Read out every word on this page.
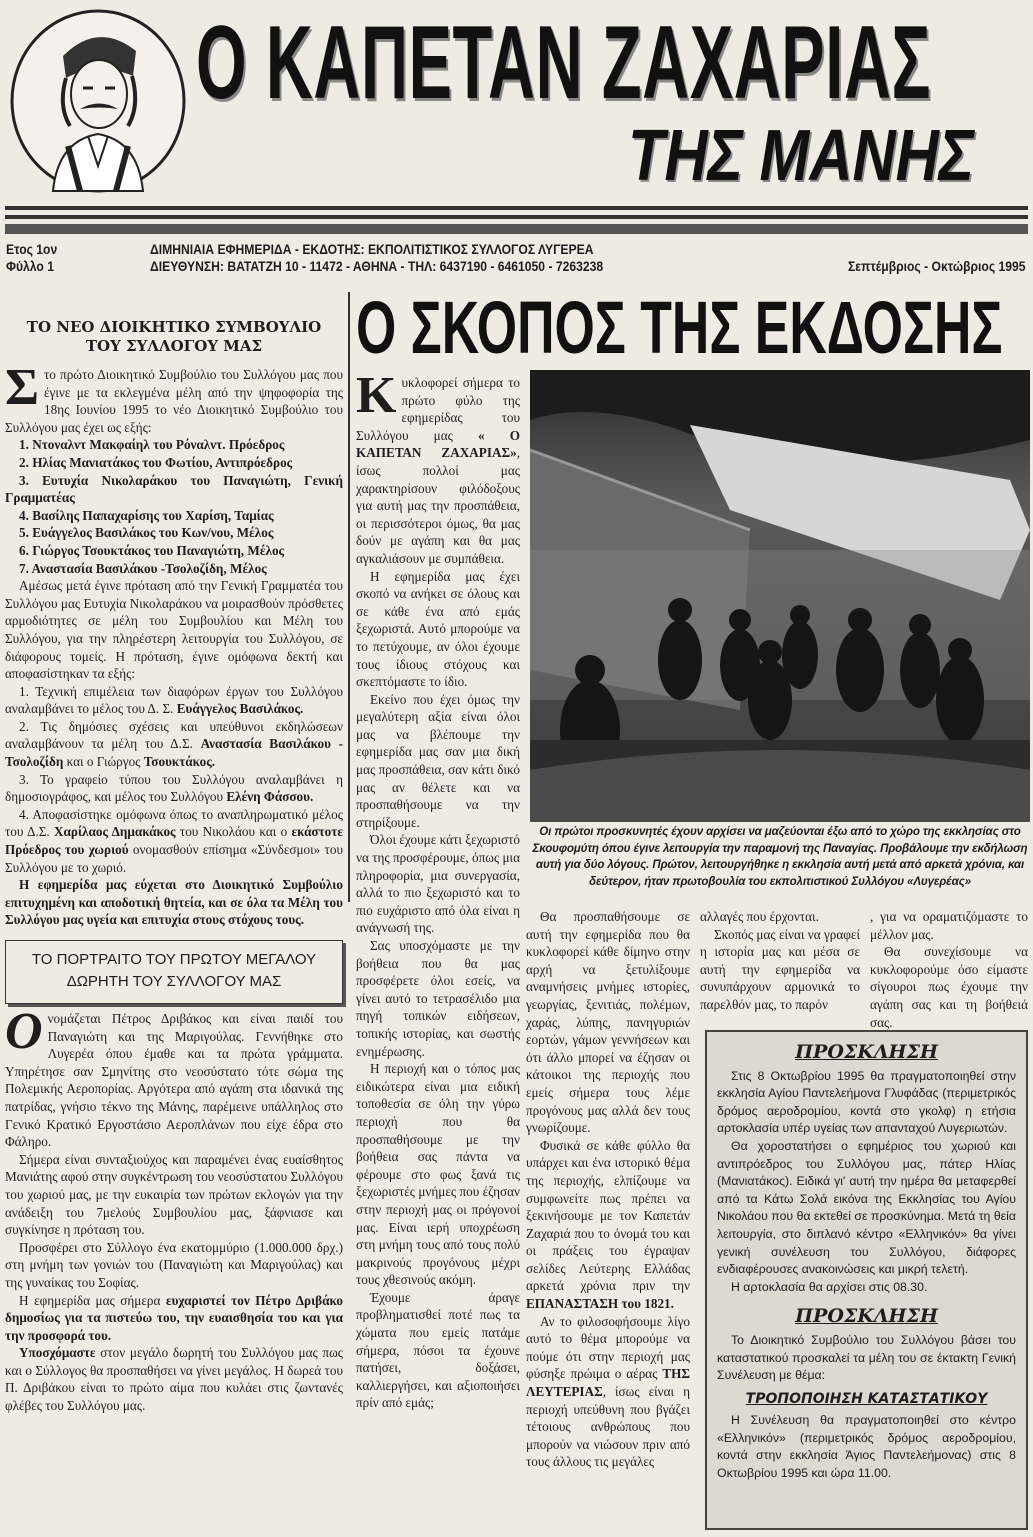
Ο ΚΑΠΕΤΑΝ ΖΑΧΑΡΙΑΣ
ΤΗΣ ΜΑΝΗΣ
Ετος 1ον
Φύλλο 1
ΔΙΜΗΝΙΑΙΑ ΕΦΗΜΕΡΙΔΑ - ΕΚΔΟΤΗΣ: ΕΚΠΟΛΙΤΙΣΤΙΚΟΣ ΣΥΛΛΟΓΟΣ ΛΥΓΕΡΕΑ
ΔΙΕΥΘΥΝΣΗ: ΒΑΤΑΤΖΗ 10 - 11472 - ΑΘΗΝΑ - ΤΗΛ: 6437190 - 6461050 - 7263238	Σεπτέμβριος - Οκτώβριος 1995
ΤΟ ΝΕΟ ΔΙΟΙΚΗΤΙΚΟ ΣΥΜΒΟΥΛΙΟ
ΤΟΥ ΣΥΛΛΟΓΟΥ ΜΑΣ

Στο πρώτο Διοικητικό Συμβούλιο του Συλλόγου μας που έγινε με τα εκλεγμένα μέλη από την ψηφοφορία της 18ης Ιουνίου 1995 το νέο Διοικητικό Συμβούλιο του Συλλόγου μας έχει ως εξής:

1. Ντοναλντ Μακφαίηλ του Ρόναλντ. Πρόεδρος

2. Ηλίας Μανιατάκος του Φωτίου, Αντιπρόεδρος

3. Ευτυχία Νικολαράκου του Παναγιώτη, Γενική Γραμματέας

4. Βασίλης Παπαχαρίσης του Χαρίση, Ταμίας

5. Ευάγγελος Βασιλάκος του Κων/νου, Μέλος

6. Γιώργος Τσουκτάκος του Παναγιώτη, Μέλος

7. Αναστασία Βασιλάκου -Τσολοζίδη, Μέλος

Αμέσως μετά έγινε πρόταση από την Γενική Γραμματέα του Συλλόγου μας Ευτυχία Νικολαράκου να μοιρασθούν πρόσθετες αρμοδιότητες σε μέλη του Συμβουλίου και Μέλη του Συλλόγου, για την πληρέστερη λειτουργία του Συλλόγου, σε διάφορους τομείς. Η πρόταση, έγινε ομόφωνα δεκτή και αποφασίστηκαν τα εξής:

1. Τεχνική επιμέλεια των διαφόρων έργων του Συλλόγου αναλαμβάνει το μέλος του Δ. Σ. Ευάγγελος Βασιλάκος.

2. Τις δημόσιες σχέσεις και υπεύθυνοι εκδηλώσεων αναλαμβάνουν τα μέλη του Δ.Σ. Αναστασία Βασιλάκου - Τσολοζίδη και ο Γιώργος Τσουκτάκος.

3. Το γραφείο τύπου του Συλλόγου αναλαμβάνει η δημοσιογράφος, και μέλος του Συλλόγου Ελένη Φάσσου.

4. Αποφασίστηκε ομόφωνα όπως το αναπληρωματικό μέλος του Δ.Σ. Χαρίλαος Δημακάκος του Νικολάου και ο εκάστοτε Πρόεδρος του χωριού ονομασθούν επίσημα «Σύνδεσμοι» του Συλλόγου με το χωριό.

Η εφημερίδα μας εύχεται στο Διοικητικό Συμβούλιο επιτυχημένη και αποδοτική θητεία, και σε όλα τα Μέλη του Συλλόγου μας υγεία και επιτυχία στους στόχους τους.

ΤΟ ΠΟΡΤΡΑΙΤΟ ΤΟΥ ΠΡΩΤΟΥ ΜΕΓΑΛΟΥ
ΔΩΡΗΤΗ ΤΟΥ ΣΥΛΛΟΓΟΥ ΜΑΣ

Ονομάζεται Πέτρος Δριβάκος και είναι παιδί του Παναγιώτη και της Μαριγούλας. Γεννήθηκε στο Λυγερέα όπου έμαθε και τα πρώτα γράμματα. Υπηρέτησε σαν Σμηνίτης στο νεοσύστατο τότε σώμα της Πολεμικής Αεροπορίας. Αργότερα από αγάπη στα ιδανικά της πατρίδας, γνήσιο τέκνο της Μάνης, παρέμεινε υπάλληλος στο Γενικό Κρατικό Εργοστάσιο Αεροπλάνων που είχε έδρα στο Φάληρο.

Σήμερα είναι συνταξιούχος και παραμένει ένας ευαίσθητος Μανιάτης αφού στην συγκέντρωση του νεοσύστατου Συλλόγου του χωριού μας, με την ευκαιρία των πρώτων εκλογών για την ανάδειξη του 7μελούς Συμβουλίου μας, ξάφνιασε και συγκίνησε η πρόταση του.

Προσφέρει στο Σύλλογο ένα εκατομμύριο (1.000.000 δρχ.) στη μνήμη των γονιών του (Παναγιώτη και Μαριγούλας) και της γυναίκας του Σοφίας.

Η εφημερίδα μας σήμερα ευχαριστεί τον Πέτρο Δριβάκο δημοσίως για τα πιστεύω του, την ευαισθησία του και για την προσφορά του.

Υποσχόμαστε στον μεγάλο δωρητή του Συλλόγου μας πως και ο Σύλλογος θα προσπαθήσει να γίνει μεγάλος. Η δωρεά του Π. Δριβάκου είναι το πρώτο αίμα που κυλάει στις ζωντανές φλέβες του Συλλόγου μας.

Ο ΣΚΟΠΟΣ ΤΗΣ ΕΚΔΟΣΗΣ

Κυκλοφορεί σήμερα το πρώτο φύλο της εφημερίδας του Συλλόγου μας « Ο ΚΑΠΕΤΑΝ ΖΑΧΑΡΙΑΣ», ίσως πολλοί μας χαρακτηρίσουν φιλόδοξους για αυτή μας την προσπάθεια, οι περισσότεροι όμως, θα μας δούν με αγάπη και θα μας αγκαλιάσουν με συμπάθεια.

Η εφημερίδα μας έχει σκοπό να ανήκει σε όλους και σε κάθε ένα από εμάς ξεχωριστά. Αυτό μπορούμε να το πετύχουμε, αν όλοι έχουμε τους ίδιους στόχους και σκεπτόμαστε το ίδιο.

Εκείνο που έχει όμως την μεγαλύτερη αξία είναι όλοι μας να βλέπουμε την εφημερίδα μας σαν μια δική μας προσπάθεια, σαν κάτι δικό μας αν θέλετε και να προσπαθήσουμε να την στηρίξουμε.

Όλοι έχουμε κάτι ξεχωριστό να της προσφέρουμε, όπως μια πληροφορία, μια συνεργασία, αλλά το πιο ξεχωριστό και το πιο ευχάριστο από όλα είναι η ανάγνωσή της.

Σας υποσχόμαστε με την βοήθεια που θα μας προσφέρετε όλοι εσείς, να γίνει αυτό το τετρασέλιδο μια πηγή τοπικών ειδήσεων, τοπικής ιστορίας, και σωστής ενημέρωσης.

Η περιοχή και ο τόπος μας ειδικώτερα είναι μια ειδική τοποθεσία σε όλη την γύρω περιοχή που θα προσπαθήσουμε με την βοήθεια σας πάντα να φέρουμε στο φως ξανά τις ξεχωριστές μνήμες που έζησαν στην περιοχή μας οι πρόγονοί μας. Είναι ιερή υποχρέωση στη μνήμη τους από τους πολύ μακρινούς προγόνους μέχρι τους χθεσινούς ακόμη.

Έχουμε άραγε προβληματισθεί ποτέ πως τα χώματα που εμείς πατάμε σήμερα, πόσοι τα έχουνε πατήσει, δοξάσει, καλλιεργήσει, και αξιοποιήσει πρίν από εμάς;

Οι πρώτοι προσκυνητές έχουν αρχίσει να μαζεύονται έξω από το χώρο της εκκλησίας στο Σκουφομύτη όπου έγινε λειτουργία την παραμονή της Παναγίας. Προβάλουμε την εκδήλωση αυτή για δύο λόγους. Πρώτον, λειτουργήθηκε η εκκλησία αυτή μετά από αρκετά χρόνια, και δεύτερον, ήταν πρωτοβουλία του εκπολιτιστικού Συλλόγου «Λυγερέας»

Θα προσπαθήσουμε σε αυτή την εφημερίδα που θα κυκλοφορεί κάθε δίμηνο στην αρχή να ξετυλίξουμε αναμνήσεις μνήμες ιστορίες, γεωργίας, ξενιτιάς, πολέμων, χαράς, λύπης, πανηγυριών εορτών, γάμων γεννήσεων και ότι άλλο μπορεί να έζησαν οι κάτοικοι της περιοχής που εμείς σήμερα τους λέμε προγόνους μας αλλά δεν τους γνωρίζουμε.

Φυσικά σε κάθε φύλλο θα υπάρχει και ένα ιστορικό θέμα της περιοχής, ελπίζουμε να συμφωνείτε πως πρέπει να ξεκινήσουμε με τον Καπετάν Ζαχαριά που το όνομά του και οι πράξεις του έγραψαν σελίδες Λεύτερης Ελλάδας αρκετά χρόνια πριν την ΕΠΑΝΑΣΤΑΣΗ του 1821.

Αν το φιλοσοφήσουμε λίγο αυτό το θέμα μπορούμε να πούμε ότι στην περιοχή μας φύσηξε πρώιμα ο αέρας ΤΗΣ ΛΕΥΤΕΡΙΑΣ, ίσως είναι η περιοχή υπεύθυνη που βγάζει τέτοιους ανθρώπους που μπορούν να νιώσουν πριν από τους άλλους τις μεγάλες

αλλαγές που έρχονται.

Σκοπός μας είναι να γραφεί η ιστορία μας και μέσα σε αυτή την εφημερίδα να συνυπάρχουν αρμονικά το παρελθόν μας, το παρόν

, για να οραματιζόμαστε το μέλλον μας.

Θα συνεχίσουμε να κυκλοφορούμε όσο είμαστε σίγουροι πως έχουμε την αγάπη σας και τη βοήθειά σας.

ΠΡΟΣΚΛΗΣΗ

Στις 8 Οκτωβρίου 1995 θα πραγματοποιηθεί στην εκκλησία Αγίου Παντελεήμονα Γλυφάδας (περιμετρικός δρόμος αεροδρομίου, κοντά στο γκολφ) η ετήσια αρτοκλασία υπέρ υγείας των απανταχού Λυγεριωτών.

Θα χοροστατήσει ο εφημέριος του χωριού και αντιπρόεδρος του Συλλόγου μας, πάτερ Ηλίας (Μανιατάκος). Ειδικά γι' αυτή την ημέρα θα μεταφερθεί από τα Κάτω Σολά εικόνα της Εκκλησίας του Αγίου Νικολάου που θα εκτεθεί σε προσκύνημα. Μετά τη θεία λειτουργία, στο διπλανό κέντρο «Ελληνικόν» θα γίνει γενική συνέλευση του Συλλόγου, διάφορες ενδιαφέρουσες ανακοινώσεις και μικρή τελετή.

Η αρτοκλασία θα αρχίσει στις 08.30.

ΠΡΟΣΚΛΗΣΗ

Το Διοικητικό Συμβούλιο του Συλλόγου βάσει του καταστατικού προσκαλεί τα μέλη του σε έκτακτη Γενική Συνέλευση με θέμα:

ΤΡΟΠΟΠΟΙΗΣΗ ΚΑΤΑΣΤΑΤΙΚΟΥ

Η Συνέλευση θα πραγματοποιηθεί στο κέντρο «Ελληνικόν» (περιμετρικός δρόμος αεροδρομίου, κοντά στην εκκλησία Άγιος Παντελεήμονας) στις 8 Οκτωβρίου 1995 και ώρα 11.00.
